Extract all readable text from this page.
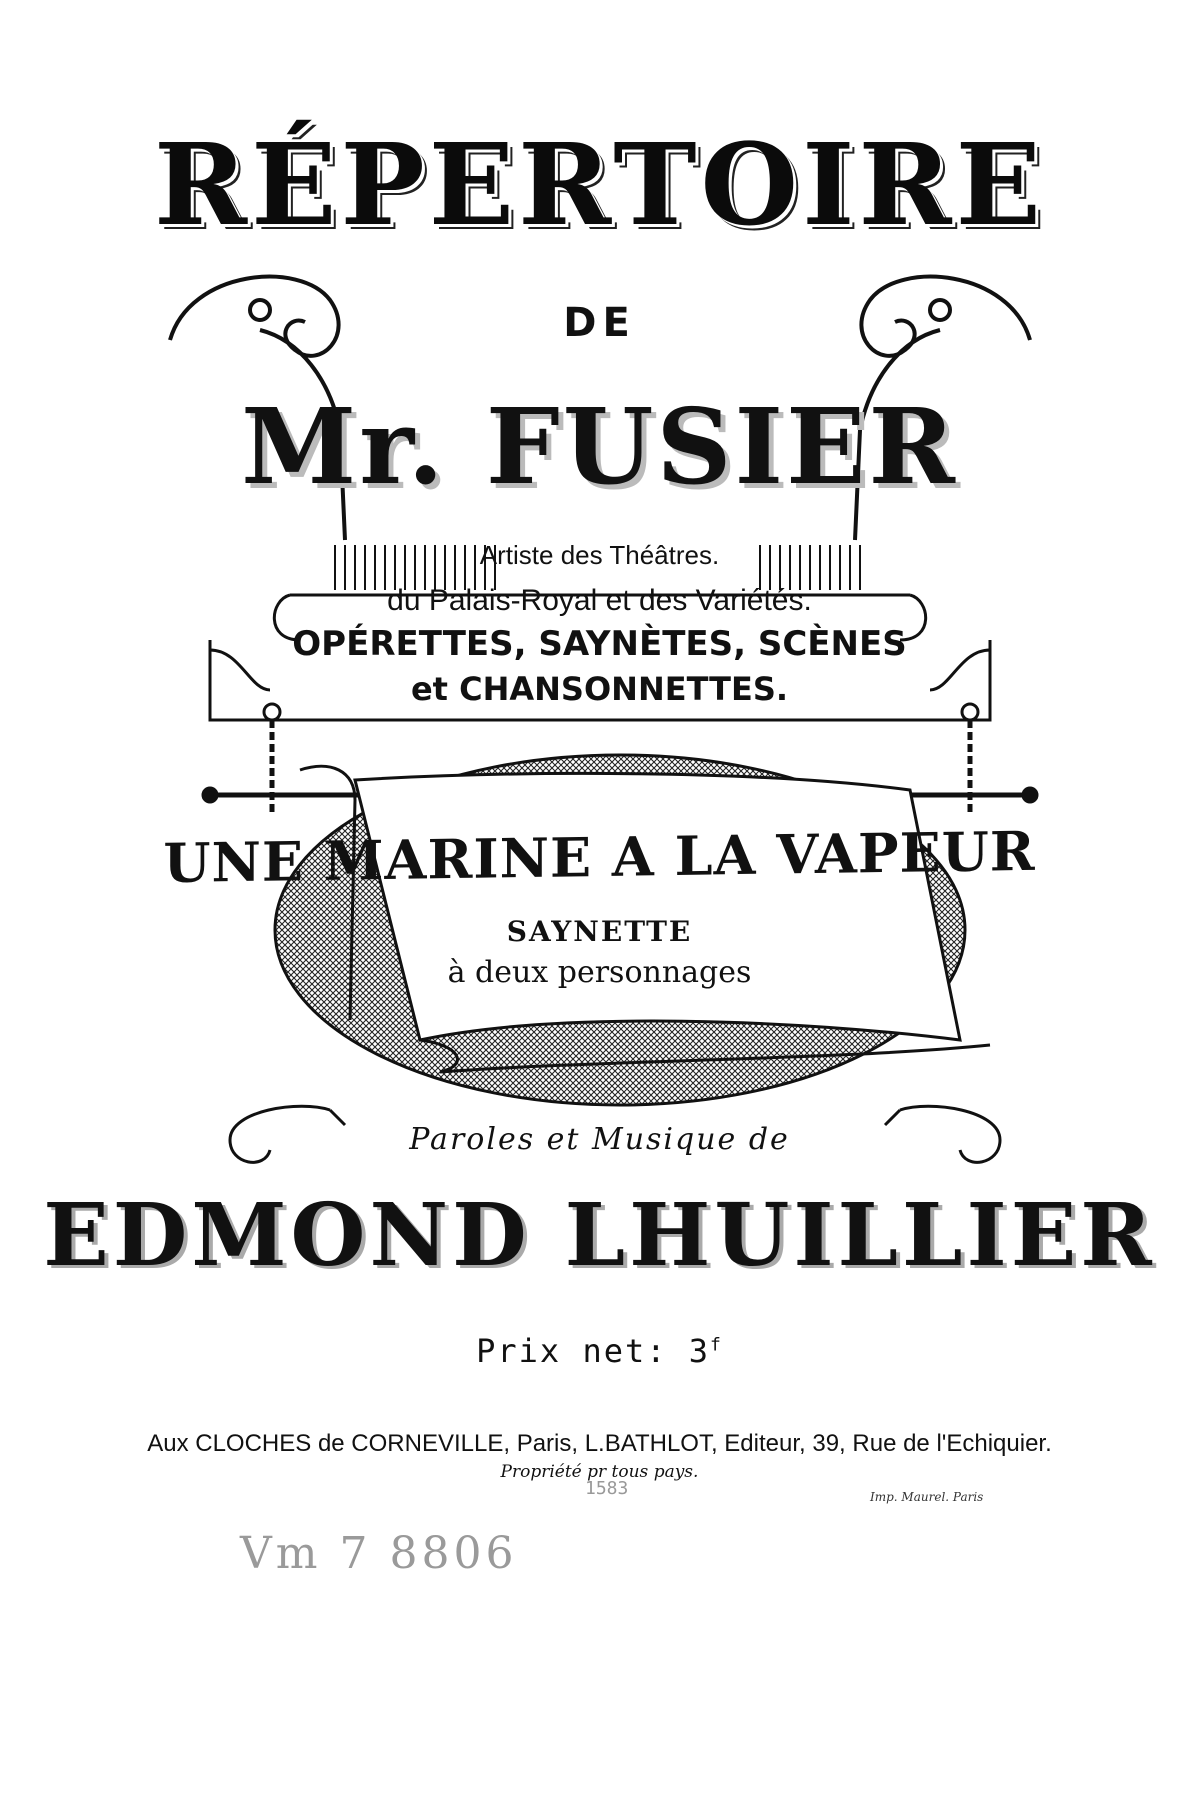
RÉPERTOIRE
DE
Mr. FUSIER
Artiste des Théâtres.
du Palais-Royal et des Variétés.
OPÉRETTES, SAYNÈTES, SCÈNES
et CHANSONNETTES.
UNE MARINE A LA VAPEUR
SAYNETTE
à deux personnages
Paroles et Musique de
EDMOND LHUILLIER
Prix net: 3$^f$
Aux CLOCHES de CORNEVILLE, Paris, L.BATHLOT, Editeur, 39, Rue de l'Echiquier.
Propriété pr tous pays.
Imp. Maurel. Paris
1583
Vm 7 8806
